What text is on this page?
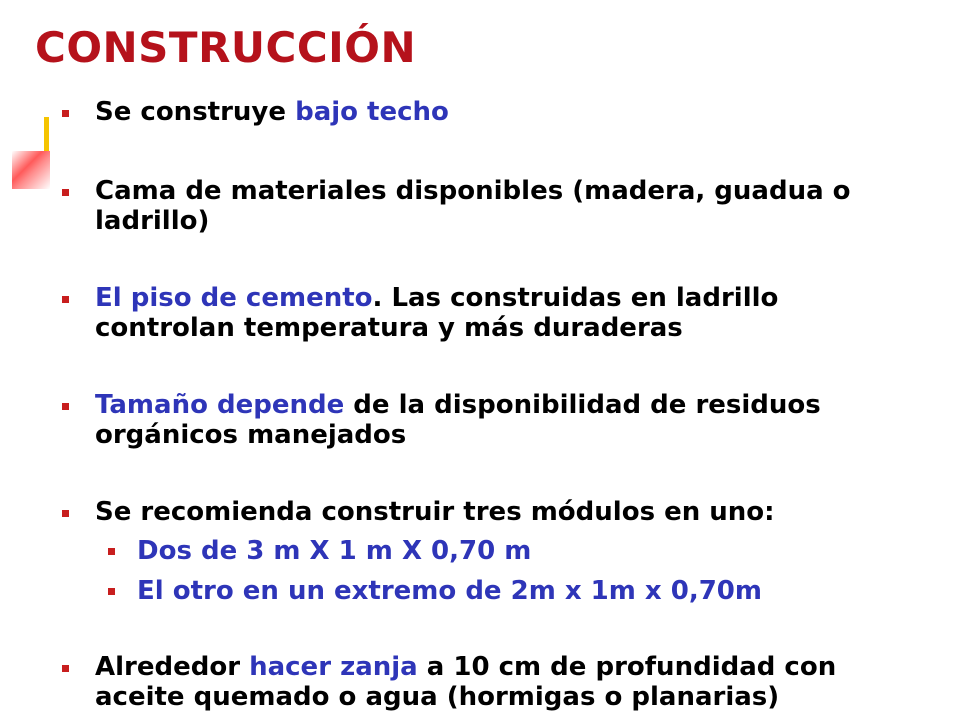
CONSTRUCCIÓN
Se construye bajo techo
Cama de materiales disponibles (madera, guadua o ladrillo)
El piso de cemento. Las construidas en ladrillo controlan temperatura y más duraderas
Tamaño depende de la disponibilidad de residuos orgánicos manejados
Se recomienda construir tres módulos en uno:
Dos de 3 m X 1 m X 0,70 m
El otro en un extremo de 2m x 1m x 0,70m
Alrededor hacer zanja a 10 cm de profundidad con aceite quemado o agua (hormigas o planarias)
